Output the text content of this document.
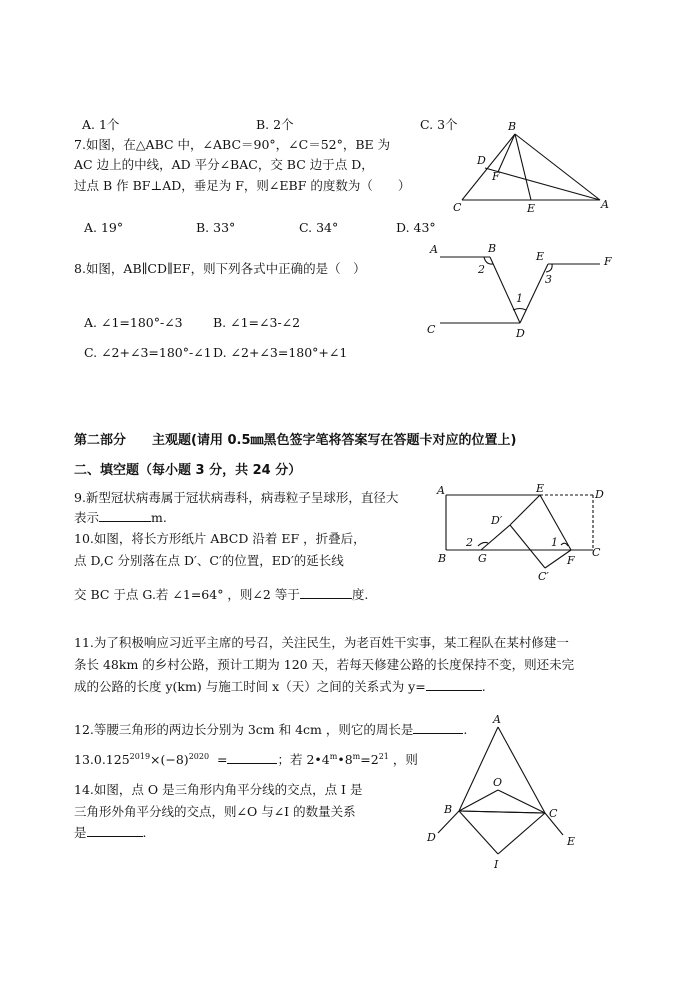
A. 1个	B. 2个	C. 3个
7.如图，在△ABC 中，∠ABC＝90°，∠C＝52°，BE 为
AC 边上的中线，AD 平分∠BAC，交 BC 边于点 D，
过点 B 作 BF⊥AD，垂足为 F，则∠EBF 的度数为（　　）
A. 19°	B. 33°	C. 34°	D. 43°
B
D
F
C	E	A
8.如图，AB∥CD∥EF，则下列各式中正确的是（　）
A. ∠1=180°-∠3 B. ∠1=∠3-∠2
C. ∠2+∠3=180°-∠1 D. ∠2+∠3=180°+∠1
A	B
E	F
2
3
1
C	D
第二部分　　主观题(请用 0.5㎜黑色签字笔将答案写在答题卡对应的位置上)
二、填空题（每小题 3 分，共 24 分）
9.新型冠状病毒属于冠状病毒科，病毒粒子呈球形，直径大
表示	m.
10.如图，将长方形纸片 ABCD 沿着 EF ，折叠后，
点 D,C 分别落在点 D′、C′的位置，ED′的延长线
交 BC 于点 G.若 ∠1=64° ，则∠2 等于	度.
A	E	D
D′
2	1
B	G	F
C
C′
11.为了积极响应习近平主席的号召，关注民生，为老百姓干实事，某工程队在某村修建一
条长 48km 的乡村公路，预计工期为 120 天，若每天修建公路的长度保持不变，则还未完
成的公路的长度 y(km) 与施工时间 x（天）之间的关系式为 y=	.
12.等腰三角形的两边长分别为 3cm 和 4cm ，则它的周长是	.
$13.0.125^{2019}\times(-8)^{2020}$ =	；若 $2•4^m•8^m=2^{21}$ ，则
14.如图，点 O 是三角形内角平分线的交点，点 I 是
三角形外角平分线的交点，则∠O 与∠I 的数量关系
是	.
A
O
B	C
D	E
I
